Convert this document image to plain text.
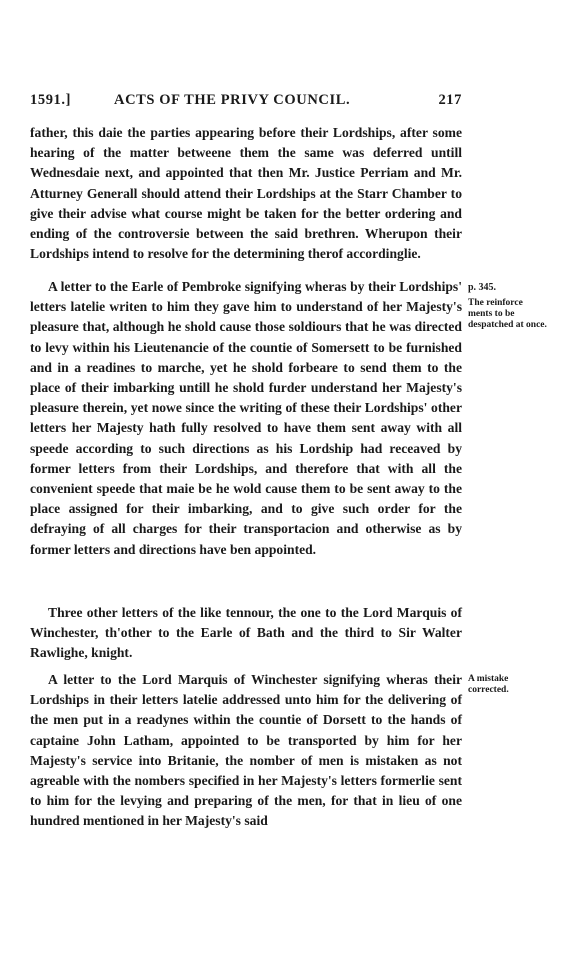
1591.]	ACTS OF THE PRIVY COUNCIL.	217

father, this daie the parties appearing before their Lordships, after some hearing of the matter betweene them the same was deferred untill Wednesdaie next, and appointed that then Mr. Justice Perriam and Mr. Atturney Generall should attend their Lordships at the Starr Chamber to give their advise what course might be taken for the better ordering and ending of the controversie between the said brethren. Wherupon their Lordships intend to resolve for the determining therof accordinglie.

A letter to the Earle of Pembroke signifying wheras by their Lordships' letters latelie writen to him they gave him to understand of her Majesty's pleasure that, although he shold cause those soldiours that he was directed to levy within his Lieutenancie of the countie of Somersett to be furnished and in a readines to marche, yet he shold forbeare to send them to the place of their imbarking untill he shold furder understand her Majesty's pleasure therein, yet nowe since the writing of these their Lordships' other letters her Majesty hath fully resolved to have them sent away with all speede according to such directions as his Lordship had receaved by former letters from their Lordships, and therefore that with all the convenient speede that maie be he wold cause them to be sent away to the place assigned for their imbarking, and to give such order for the defraying of all charges for their transportacion and otherwise as by former letters and directions have ben appointed.

Three other letters of the like tennour, the one to the Lord Marquis of Winchester, th'other to the Earle of Bath and the third to Sir Walter Rawlighe, knight.

A letter to the Lord Marquis of Winchester signifying wheras their Lordships in their letters latelie addressed unto him for the delivering of the men put in a readynes within the countie of Dorsett to the hands of captaine John Latham, appointed to be transported by him for her Majesty's service into Britanie, the nomber of men is mistaken as not agreable with the nombers specified in her Majesty's letters formerlie sent to him for the levying and preparing of the men, for that in lieu of one hundred mentioned in her Majesty's said

p. 345.
The reinforce ments to be despatched at once.
A mistake corrected.
